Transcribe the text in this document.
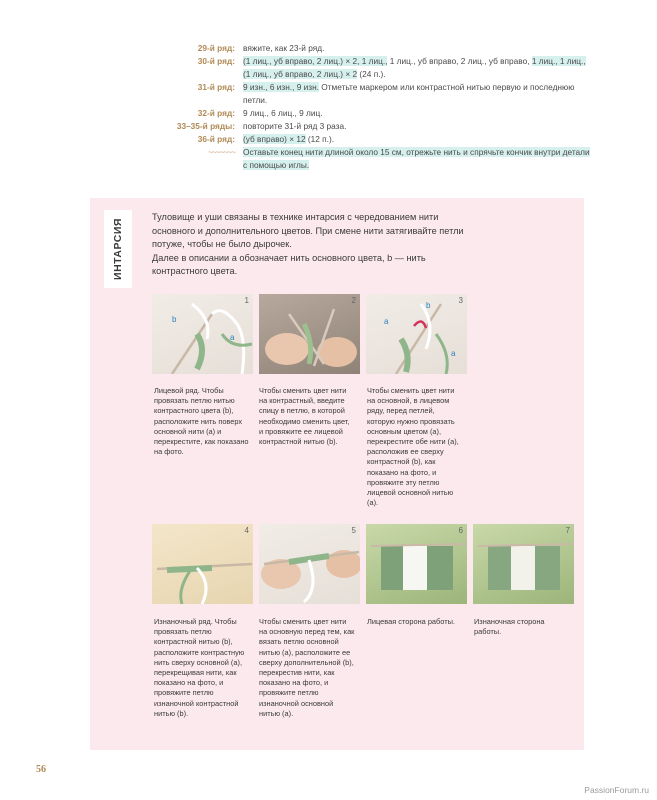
29-й ряд: вяжите, как 23-й ряд.
30-й ряд: (1 лиц., уб вправо, 2 лиц.) × 2, 1 лиц., 1 лиц., уб вправо, 2 лиц., уб вправо, 1 лиц., 1 лиц., (1 лиц., уб вправо, 2 лиц.) × 2 (24 п.).
31-й ряд: 9 изн., 6 изн., 9 изн. Отметьте маркером или контрастной нитью первую и последнюю петли.
32-й ряд: 9 лиц., 6 лиц., 9 лиц.
33–35-й ряды: повторите 31-й ряд 3 раза.
36-й ряд: (уб вправо) × 12 (12 п.).
~~~~~~~ Оставьте конец нити длиной около 15 см, отрежьте нить и спрячьте кончик внутри детали с помощью иглы.
ИНТАРСИЯ

Туловище и уши связаны в технике интарсия с чередованием нити основного и дополнительного цветов. При смене нити затягивайте петли потуже, чтобы не было дырочек.

Далее в описании a обозначает нить основного цвета, b — нить контрастного цвета.

b
a
1	2
b
a
a
3
Лицевой ряд. Чтобы провязать петлю нитью контрастного цвета (b), расположите нить поверх основной нити (a) и перекрестите, как показано на фото.
Чтобы сменить цвет нити на контрастный, введите спицу в петлю, в которой необходимо сменить цвет, и провяжите ее лицевой контрастной нитью (b).
Чтобы сменить цвет нити на основной, в лицевом ряду, перед петлей, которую нужно провязать основным цветом (a), перекрестите обе нити (a), расположив ее сверху контрастной (b), как показано на фото, и провяжите эту петлю лицевой основной нитью (a).
4	5	6	7
Изнаночный ряд. Чтобы провязать петлю контрастной нитью (b), расположите контрастную нить сверху основной (a), перекрещивая нити, как показано на фото, и провяжите петлю изнаночной контрастной нитью (b).
Чтобы сменить цвет нити на основную перед тем, как вязать петлю основной нитью (a), расположите ее сверху дополнительной (b), перекрестив нити, как показано на фото, и провяжите петлю изнаночной основной нитью (a).
Лицевая сторона работы.	Изнаночная сторона работы.
56
PassionForum.ru
